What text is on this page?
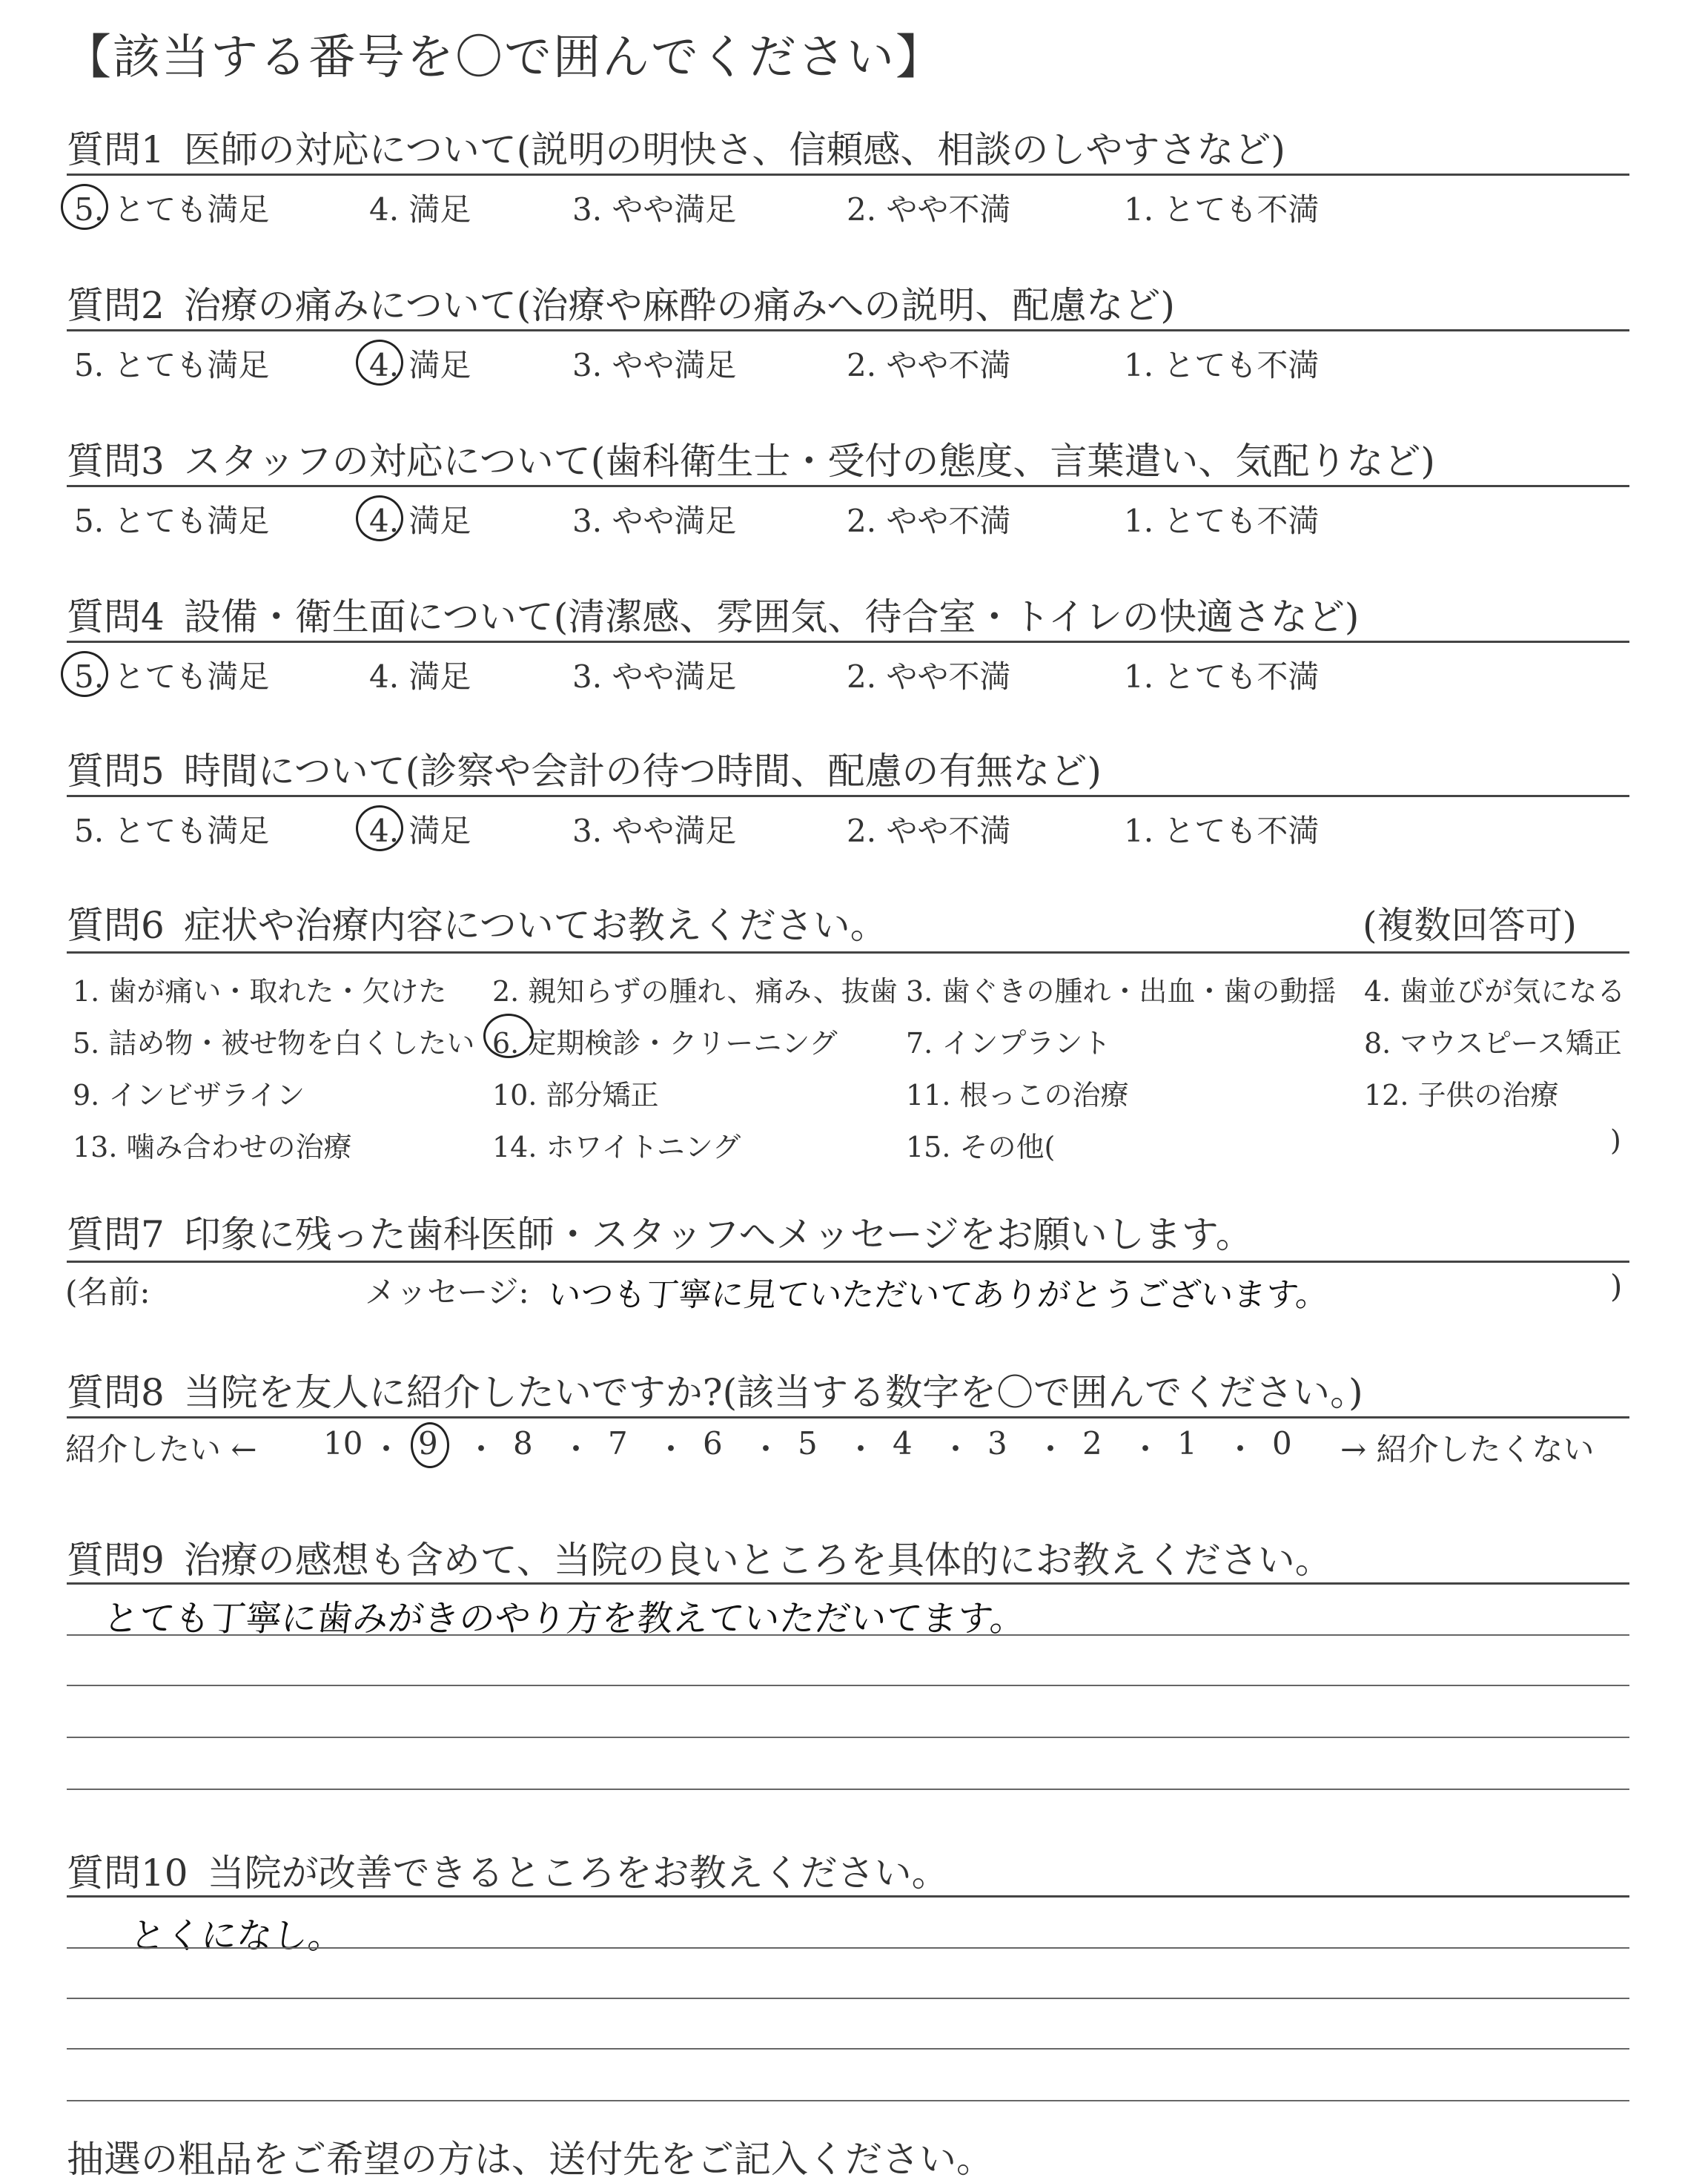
【該当する番号を〇で囲んでください】
質問1 医師の対応について(説明の明快さ、信頼感、相談のしやすさなど)
5. とても満足	4. 満足	3. やや満足	2. やや不満	1. とても不満
質問2 治療の痛みについて(治療や麻酔の痛みへの説明、配慮など)
5. とても満足	4. 満足	3. やや満足	2. やや不満	1. とても不満
質問3 スタッフの対応について(歯科衛生士・受付の態度、言葉遣い、気配りなど)
5. とても満足	4. 満足	3. やや満足	2. やや不満	1. とても不満
質問4 設備・衛生面について(清潔感、雰囲気、待合室・トイレの快適さなど)
5. とても満足	4. 満足	3. やや満足	2. やや不満	1. とても不満
質問5 時間について(診察や会計の待つ時間、配慮の有無など)
5. とても満足	4. 満足	3. やや満足	2. やや不満	1. とても不満
質問6 症状や治療内容についてお教えください。	(複数回答可)
1. 歯が痛い・取れた・欠けた 2. 親知らずの腫れ、痛み、抜歯 3. 歯ぐきの腫れ・出血・歯の動揺 4. 歯並びが気になる
5. 詰め物・被せ物を白くしたい 6. 定期検診・クリーニング 7. インプラント	8. マウスピース矯正
9. インビザライン	10. 部分矯正	11. 根っこの治療	12. 子供の治療
13. 噛み合わせの治療	14. ホワイトニング	15. その他(	)
質問7 印象に残った歯科医師・スタッフへメッセージをお願いします。
(名前:	メッセージ: いつも丁寧に見ていただいてありがとうございます。	)
質問8 当院を友人に紹介したいですか?(該当する数字を〇で囲んでください。)
紹介したい ← 10 ・ 9 ・ 8 ・ 7 ・ 6 ・ 5 ・ 4 ・ 3 ・ 2 ・ 1 ・ 0 → 紹介したくない
質問9 治療の感想も含めて、当院の良いところを具体的にお教えください。
とても丁寧に歯みがきのやり方を教えていただいてます。
質問10 当院が改善できるところをお教えください。
とくになし。
抽選の粗品をご希望の方は、送付先をご記入ください。
